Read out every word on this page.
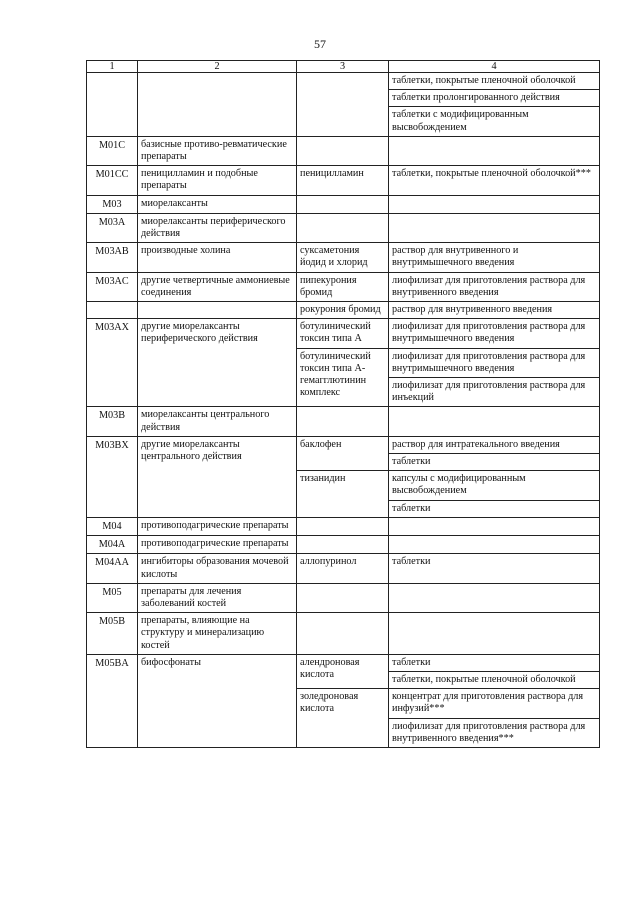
57
1	2	3	4
			таблетки, покрытые пленочной оболочкой
			таблетки пролонгированного действия
			таблетки с модифицированным высвобождением
M01C	базисные противо-ревматические препараты		
M01CC	пеницилламин и подобные препараты	пеницилламин	таблетки, покрытые пленочной оболочкой***
M03	миорелаксанты		
M03A	миорелаксанты периферического действия		
M03AB	производные холина	суксаметония йодид и хлорид	раствор для внутривенного и внутримышечного введения
M03AC	другие четвертичные аммониевые соединения	пипекурония бромид	лиофилизат для приготовления раствора для внутривенного введения
		рокурония бромид	раствор для внутривенного введения
M03AX	другие миорелаксанты периферического действия	ботулинический токсин типа A	лиофилизат для приготовления раствора для внутримышечного введения
		ботулинический токсин типа A-гемагглютинин комплекс	лиофилизат для приготовления раствора для внутримышечного введения
			лиофилизат для приготовления раствора для инъекций
M03B	миорелаксанты центрального действия		
M03BX	другие миорелаксанты центрального действия	баклофен	раствор для интратекального введения
			таблетки
		тизанидин	капсулы с модифицированным высвобождением
			таблетки
M04	противоподагрические препараты		
M04A	противоподагрические препараты		
M04AA	ингибиторы образования мочевой кислоты	аллопуринол	таблетки
M05	препараты для лечения заболеваний костей		
M05B	препараты, влияющие на структуру и минерализацию костей		
M05BA	бифосфонаты	алендроновая кислота	таблетки
			таблетки, покрытые пленочной оболочкой
		золедроновая кислота	концентрат для приготовления раствора для инфузий***
			лиофилизат для приготовления раствора для внутривенного введения***
